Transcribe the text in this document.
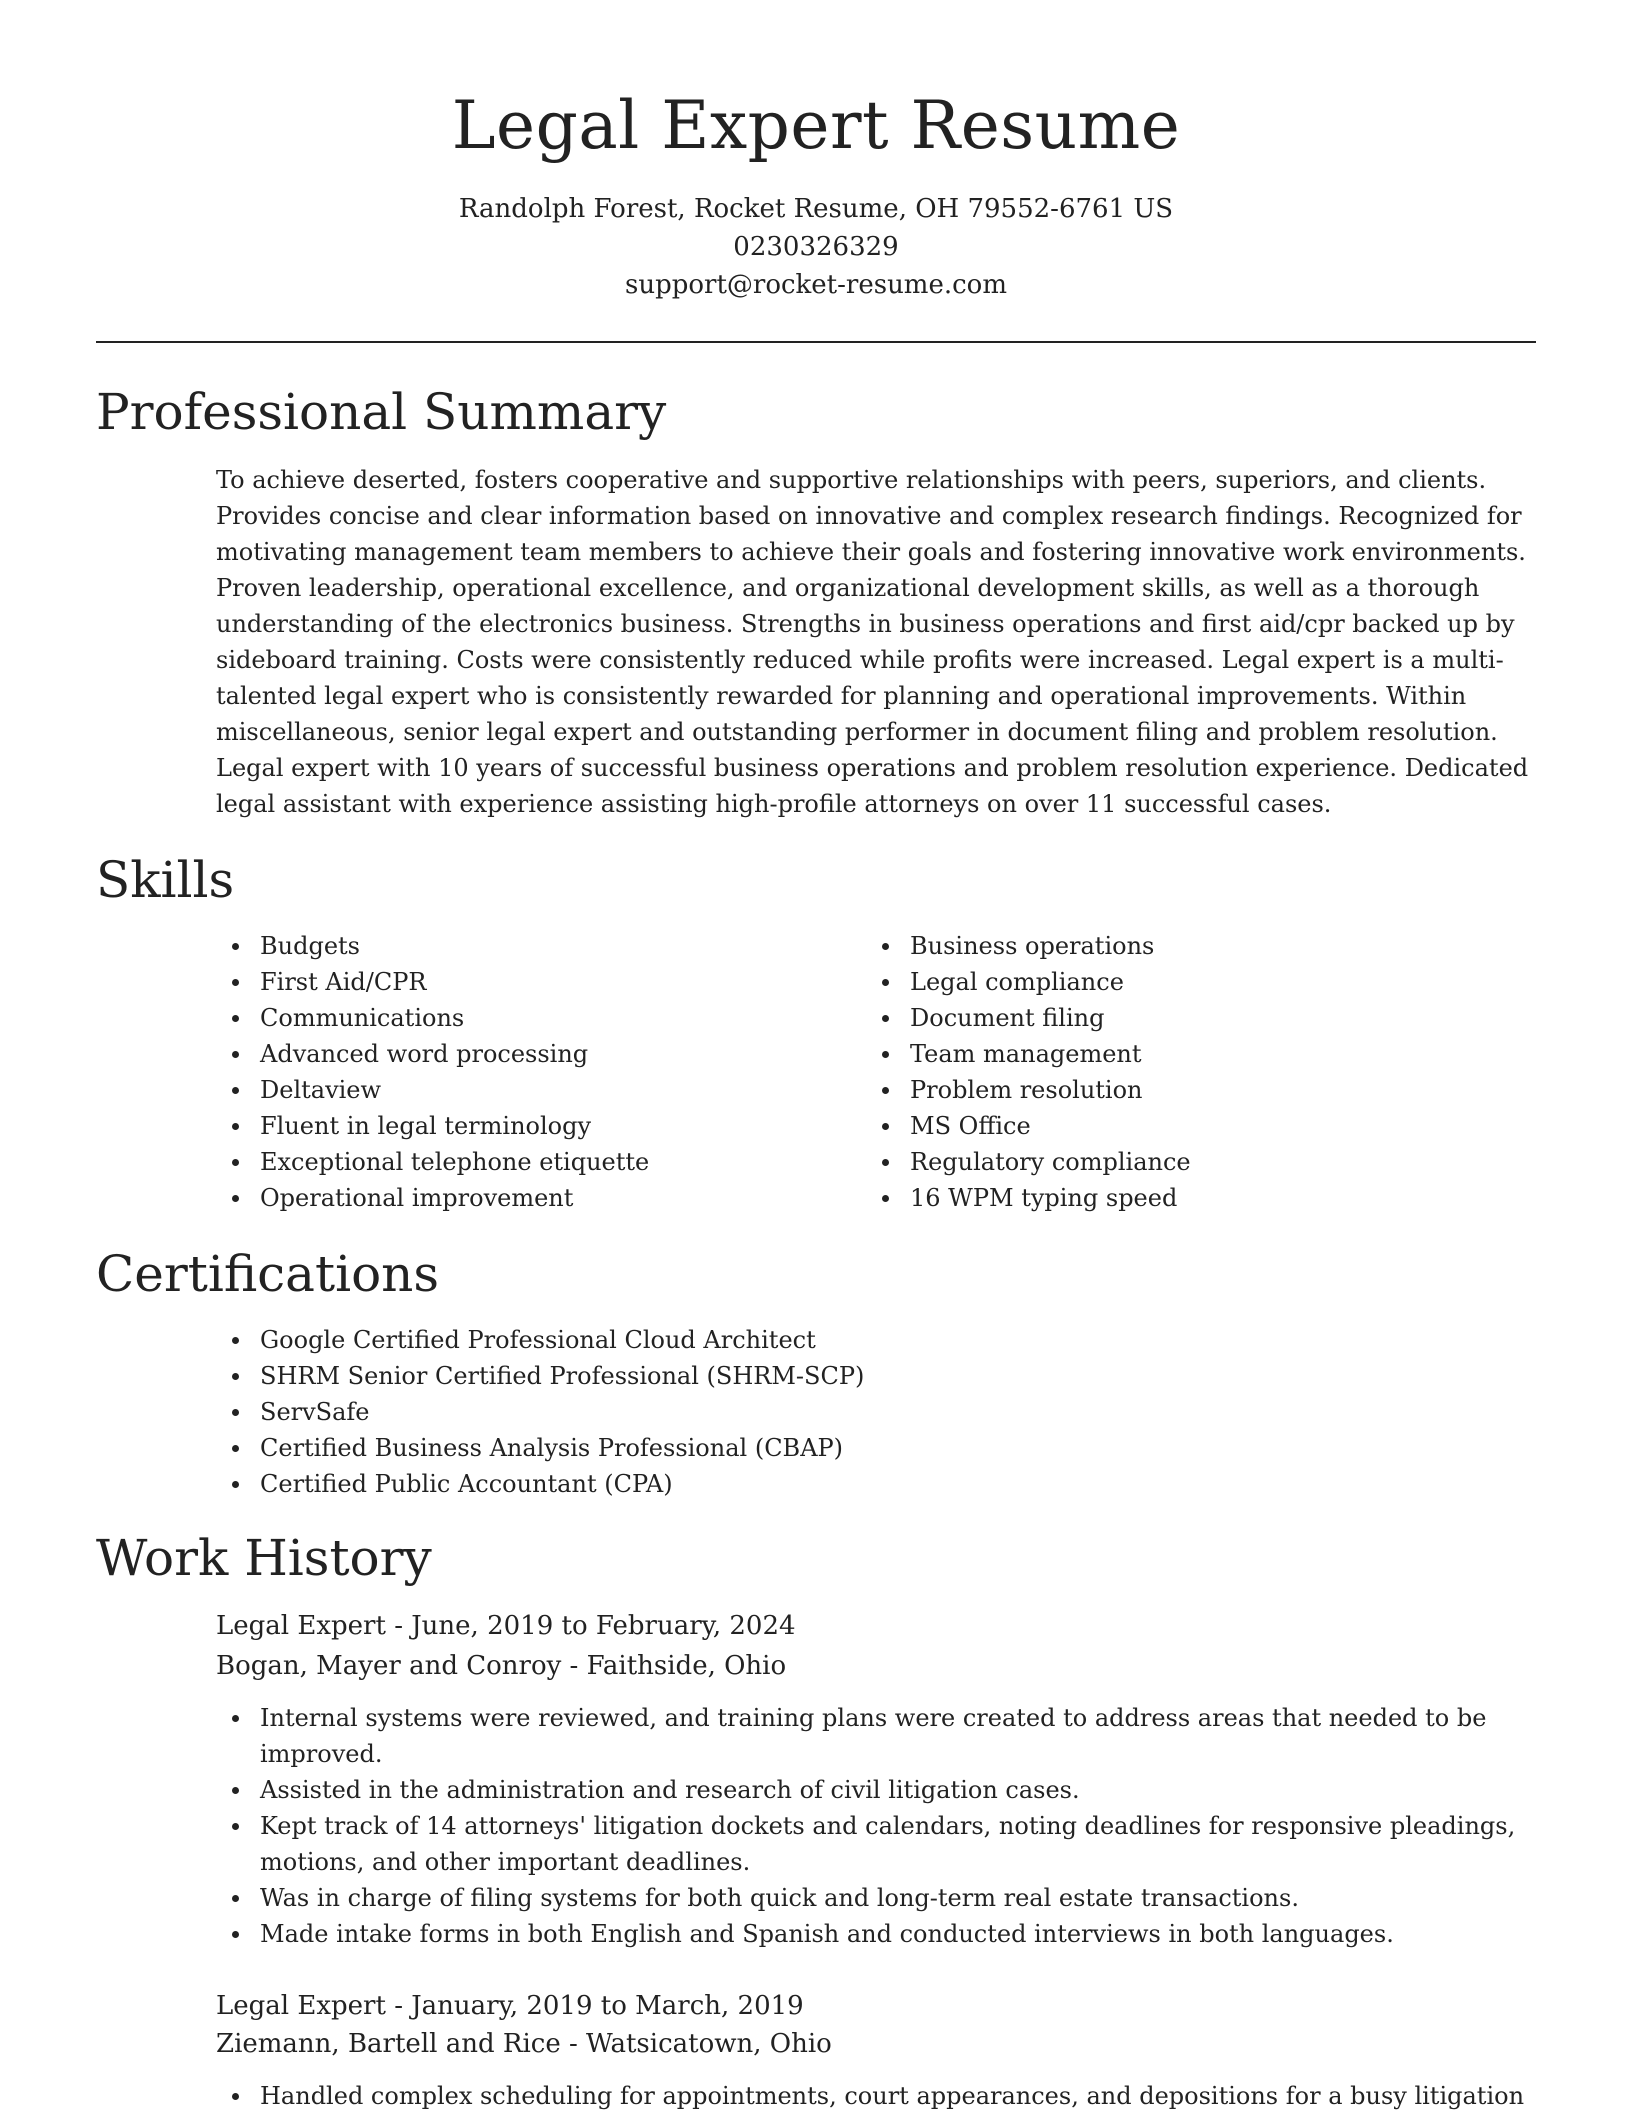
Legal Expert Resume
Randolph Forest, Rocket Resume, OH 79552-6761 US
0230326329
support@rocket-resume.com
Professional Summary

To achieve deserted, fosters cooperative and supportive relationships with peers, superiors, and clients. Provides concise and clear information based on innovative and complex research findings. Recognized for motivating management team members to achieve their goals and fostering innovative work environments. Proven leadership, operational excellence, and organizational development skills, as well as a thorough understanding of the electronics business. Strengths in business operations and first aid/cpr backed up by sideboard training. Costs were consistently reduced while profits were increased. Legal expert is a multi-talented legal expert who is consistently rewarded for planning and operational improvements. Within miscellaneous, senior legal expert and outstanding performer in document filing and problem resolution. Legal expert with 10 years of successful business operations and problem resolution experience. Dedicated legal assistant with experience assisting high-profile attorneys on over 11 successful cases.

Skills
Budgets
First Aid/CPR
Communications
Advanced word processing
Deltaview
Fluent in legal terminology
Exceptional telephone etiquette
Operational improvement
Business operations
Legal compliance
Document filing
Team management
Problem resolution
MS Office
Regulatory compliance
16 WPM typing speed
Certifications
Google Certified Professional Cloud Architect
SHRM Senior Certified Professional (SHRM-SCP)
ServSafe
Certified Business Analysis Professional (CBAP)
Certified Public Accountant (CPA)
Work History
Legal Expert - June, 2019 to February, 2024
Bogan, Mayer and Conroy - Faithside, Ohio
Internal systems were reviewed, and training plans were created to address areas that needed to be improved.
Assisted in the administration and research of civil litigation cases.
Kept track of 14 attorneys' litigation dockets and calendars, noting deadlines for responsive pleadings, motions, and other important deadlines.
Was in charge of filing systems for both quick and long-term real estate transactions.
Made intake forms in both English and Spanish and conducted interviews in both languages.
Legal Expert - January, 2019 to March, 2019
Ziemann, Bartell and Rice - Watsicatown, Ohio
Handled complex scheduling for appointments, court appearances, and depositions for a busy litigation
